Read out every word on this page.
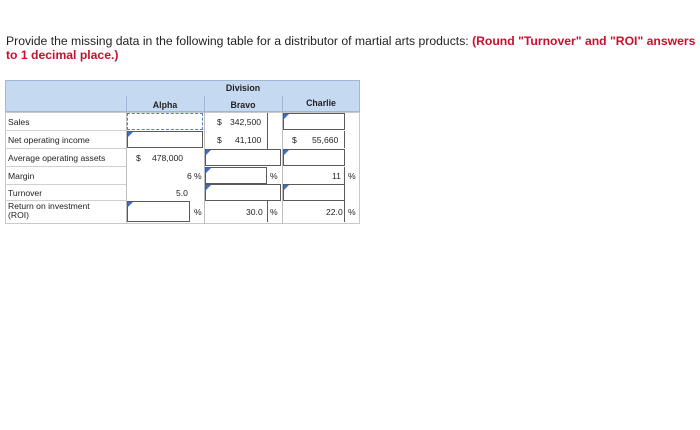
Provide the missing data in the following table for a distributor of martial arts products: (Round "Turnover" and "ROI" answers to 1 decimal place.)
Division
Alpha	Bravo	Charlie
Sales
Net operating income
Average operating assets
Margin
Turnover
Return on investment (ROI)
$ 478,000
6 %
5.0
%
$ 342,500
$ 41,100
%
30.0 %
$ 55,660
11 %
22.0 %
